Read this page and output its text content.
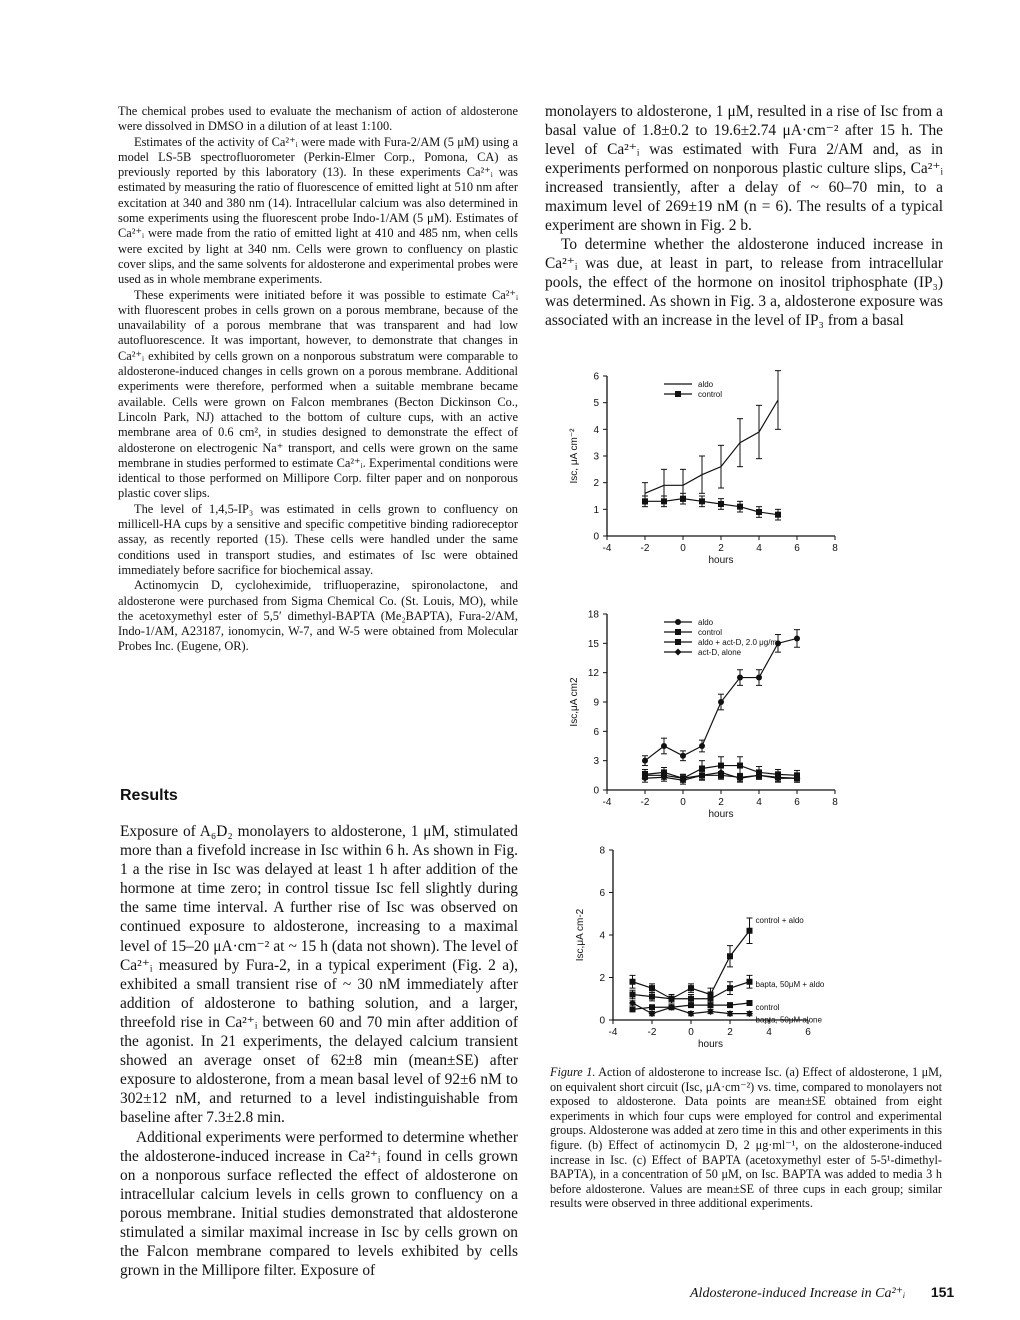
The chemical probes used to evaluate the mechanism of action of aldosterone were dissolved in DMSO in a dilution of at least 1:100.

Estimates of the activity of Ca²⁺ᵢ were made with Fura-2/AM (5 μM) using a model LS-5B spectrofluorometer (Perkin-Elmer Corp., Pomona, CA) as previously reported by this laboratory (13). In these experiments Ca²⁺ᵢ was estimated by measuring the ratio of fluorescence of emitted light at 510 nm after excitation at 340 and 380 nm (14). Intracellular calcium was also determined in some experiments using the fluorescent probe Indo-1/AM (5 μM). Estimates of Ca²⁺ᵢ were made from the ratio of emitted light at 410 and 485 nm, when cells were excited by light at 340 nm. Cells were grown to confluency on plastic cover slips, and the same solvents for aldosterone and experimental probes were used as in whole membrane experiments.

These experiments were initiated before it was possible to estimate Ca²⁺ᵢ with fluorescent probes in cells grown on a porous membrane, because of the unavailability of a porous membrane that was transparent and had low autofluorescence. It was important, however, to demonstrate that changes in Ca²⁺ᵢ exhibited by cells grown on a nonporous substratum were comparable to aldosterone-induced changes in cells grown on a porous membrane. Additional experiments were therefore, performed when a suitable membrane became available. Cells were grown on Falcon membranes (Becton Dickinson Co., Lincoln Park, NJ) attached to the bottom of culture cups, with an active membrane area of 0.6 cm², in studies designed to demonstrate the effect of aldosterone on electrogenic Na⁺ transport, and cells were grown on the same membrane in studies performed to estimate Ca²⁺ᵢ. Experimental conditions were identical to those performed on Millipore Corp. filter paper and on nonporous plastic cover slips.

The level of 1,4,5-IP₃ was estimated in cells grown to confluency on millicell-HA cups by a sensitive and specific competitive binding radioreceptor assay, as recently reported (15). These cells were handled under the same conditions used in transport studies, and estimates of Isc were obtained immediately before sacrifice for biochemical assay.

Actinomycin D, cycloheximide, trifluoperazine, spironolactone, and aldosterone were purchased from Sigma Chemical Co. (St. Louis, MO), while the acetoxymethyl ester of 5,5′ dimethyl-BAPTA (Me₂BAPTA), Fura-2/AM, Indo-1/AM, A23187, ionomycin, W-7, and W-5 were obtained from Molecular Probes Inc. (Eugene, OR).

Results

Exposure of A₆D₂ monolayers to aldosterone, 1 μM, stimulated more than a fivefold increase in Isc within 6 h. As shown in Fig. 1 a the rise in Isc was delayed at least 1 h after addition of the hormone at time zero; in control tissue Isc fell slightly during the same time interval. A further rise of Isc was observed on continued exposure to aldosterone, increasing to a maximal level of 15–20 μA·cm⁻² at ~ 15 h (data not shown). The level of Ca²⁺ᵢ measured by Fura-2, in a typical experiment (Fig. 2 a), exhibited a small transient rise of ~ 30 nM immediately after addition of aldosterone to bathing solution, and a larger, threefold rise in Ca²⁺ᵢ between 60 and 70 min after addition of the agonist. In 21 experiments, the delayed calcium transient showed an average onset of 62±8 min (mean±SE) after exposure to aldosterone, from a mean basal level of 92±6 nM to 302±12 nM, and returned to a level indistinguishable from baseline after 7.3±2.8 min.

Additional experiments were performed to determine whether the aldosterone-induced increase in Ca²⁺ᵢ found in cells grown on a nonporous surface reflected the effect of aldosterone on intracellular calcium levels in cells grown to confluency on a porous membrane. Initial studies demonstrated that aldosterone stimulated a similar maximal increase in Isc by cells grown on the Falcon membrane compared to levels exhibited by cells grown in the Millipore filter. Exposure of

monolayers to aldosterone, 1 μM, resulted in a rise of Isc from a basal value of 1.8±0.2 to 19.6±2.74 μA·cm⁻² after 15 h. The level of Ca²⁺ᵢ was estimated with Fura 2/AM and, as in experiments performed on nonporous plastic culture slips, Ca²⁺ᵢ increased transiently, after a delay of ~ 60–70 min, to a maximum level of 269±19 nM (n = 6). The results of a typical experiment are shown in Fig. 2 b.

To determine whether the aldosterone induced increase in Ca²⁺ᵢ was due, at least in part, to release from intracellular pools, the effect of the hormone on inositol triphosphate (IP₃) was determined. As shown in Fig. 3 a, aldosterone exposure was associated with an increase in the level of IP₃ from a basal

0
1
2
3
4
5
6
-4	-2	0	2	4	6	8
hours
Isc, μA cm⁻²
aldo
control
0
3
6
9
12
15
18
-4	-2	0	2	4	6	8
hours
Isc,μA cm2
aldo
control
aldo + act-D, 2.0 μg/ml
act-D, alone
0
2
4
6
8
-4	-2	0	2	4	6
hours
Isc,μA cm-2	control + aldo
bapta, 50μM + aldo
control
bapta, 50μM alone
Figure 1. Action of aldosterone to increase Isc. (a) Effect of aldosterone, 1 μM, on equivalent short circuit (Isc, μA·cm⁻²) vs. time, compared to monolayers not exposed to aldosterone. Data points are mean±SE obtained from eight experiments in which four cups were employed for control and experimental groups. Aldosterone was added at zero time in this and other experiments in this figure. (b) Effect of actinomycin D, 2 μg·ml⁻¹, on the aldosterone-induced increase in Isc. (c) Effect of BAPTA (acetoxymethyl ester of 5-5¹-dimethyl-BAPTA), in a concentration of 50 μM, on Isc. BAPTA was added to media 3 h before aldosterone. Values are mean±SE of three cups in each group; similar results were observed in three additional experiments.
Aldosterone-induced Increase in Ca²⁺ᵢ 151
